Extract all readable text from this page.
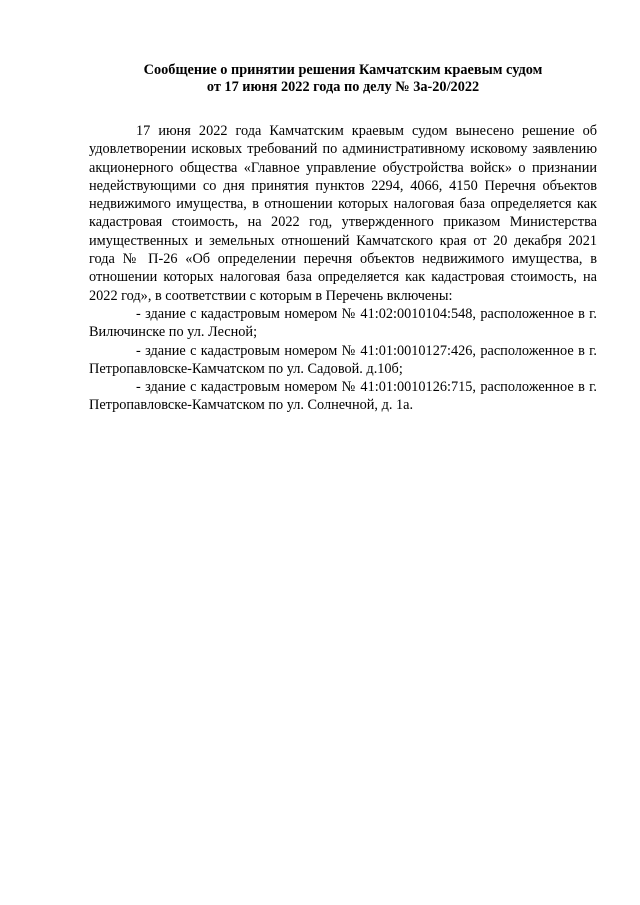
Сообщение о принятии решения Камчатским краевым судом
от 17 июня 2022 года по делу № 3а-20/2022

17 июня 2022 года Камчатским краевым судом вынесено решение об удовлетворении исковых требований по административному исковому заявлению акционерного общества «Главное управление обустройства войск» о признании недействующими со дня принятия пунктов 2294, 4066, 4150 Перечня объектов недвижимого имущества, в отношении которых налоговая база определяется как кадастровая стоимость, на 2022 год, утвержденного приказом Министерства имущественных и земельных отношений Камчатского края от 20 декабря 2021 года № П-26 «Об определении перечня объектов недвижимого имущества, в отношении которых налоговая база определяется как кадастровая стоимость, на 2022 год», в соответствии с которым в Перечень включены:

- здание с кадастровым номером № 41:02:0010104:548, расположенное в г. Вилючинске по ул. Лесной;

- здание с кадастровым номером № 41:01:0010127:426, расположенное в г. Петропавловске-Камчатском по ул. Садовой. д.10б;

- здание с кадастровым номером № 41:01:0010126:715, расположенное в г. Петропавловске-Камчатском по ул. Солнечной, д. 1а.
